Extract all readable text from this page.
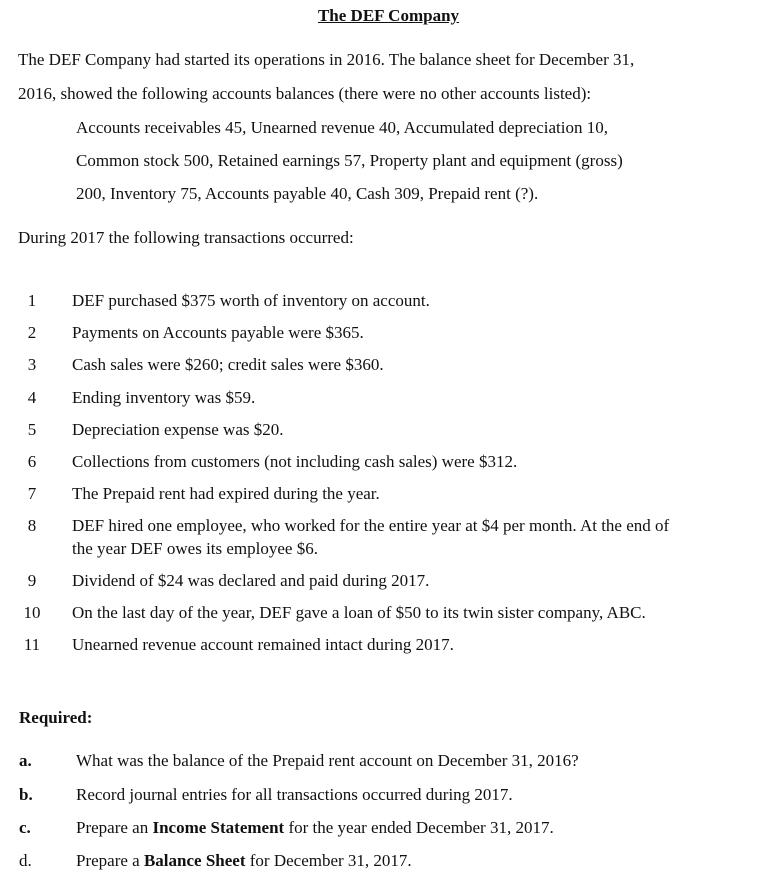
The DEF Company
The DEF Company had started its operations in 2016. The balance sheet for December 31,
2016, showed the following accounts balances (there were no other accounts listed):
Accounts receivables 45, Unearned revenue 40, Accumulated depreciation 10,
Common stock 500, Retained earnings 57, Property plant and equipment (gross)
200, Inventory 75, Accounts payable 40, Cash 309, Prepaid rent (?).
During 2017 the following transactions occurred:
1	DEF purchased $375 worth of inventory on account.
2	Payments on Accounts payable were $365.
3	Cash sales were $260; credit sales were $360.
4	Ending inventory was $59.
5	Depreciation expense was $20.
6	Collections from customers (not including cash sales) were $312.
7	The Prepaid rent had expired during the year.
8	DEF hired one employee, who worked for the entire year at $4 per month. At the end of
the year DEF owes its employee $6.
9	Dividend of $24 was declared and paid during 2017.
10 On the last day of the year, DEF gave a loan of $50 to its twin sister company, ABC.
11 Unearned revenue account remained intact during 2017.
Required:
a.	What was the balance of the Prepaid rent account on December 31, 2016?
b.	Record journal entries for all transactions occurred during 2017.
c.	Prepare an Income Statement for the year ended December 31, 2017.
d.	Prepare a Balance Sheet for December 31, 2017.
